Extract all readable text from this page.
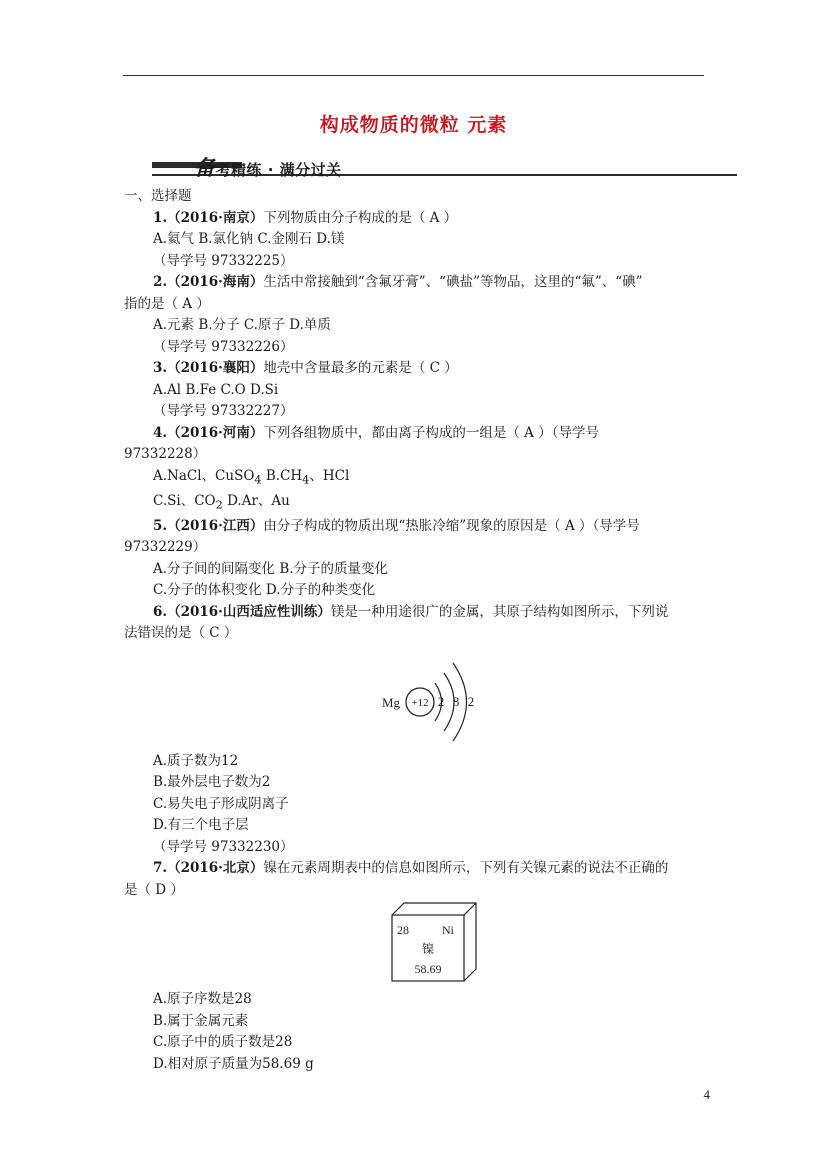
构成物质的微粒 元素
备考精练 · 满分过关
一、选择题
1.（2016·南京）下列物质由分子构成的是（ A ）
A.氦气 B.氯化钠 C.金刚石 D.镁
（导学号 97332225）
2.（2016·海南）生活中常接触到“含氟牙膏”、“碘盐”等物品，这里的“氟”、“碘”
指的是（ A ）
A.元素 B.分子 C.原子 D.单质
（导学号 97332226）
3.（2016·襄阳）地壳中含量最多的元素是（ C ）
A.Al B.Fe C.O D.Si
（导学号 97332227）
4.（2016·河南）下列各组物质中，都由离子构成的一组是（ A ）（导学号
97332228）
A.NaCl、CuSO$_4$ $B.CH_4$、HCl
C.Si、$CO_2$ D.Ar、Au
5.（2016·江西）由分子构成的物质出现“热胀冷缩”现象的原因是（ A ）（导学号
97332229）
A.分子间的间隔变化 B.分子的质量变化
C.分子的体积变化 D.分子的种类变化
6.（2016·山西适应性训练）镁是一种用途很广的金属，其原子结构如图所示，下列说
法错误的是（ C ）
Mg +12 2 8 2
A.质子数为12
B.最外层电子数为2
C.易失电子形成阴离子
D.有三个电子层
（导学号 97332230）
7.（2016·北京）镍在元素周期表中的信息如图所示，下列有关镍元素的说法不正确的
是（ D ）
28	Ni
镍
58.69
A.原子序数是28
B.属于金属元素
C.原子中的质子数是28
D.相对原子质量为58.69 g
4
